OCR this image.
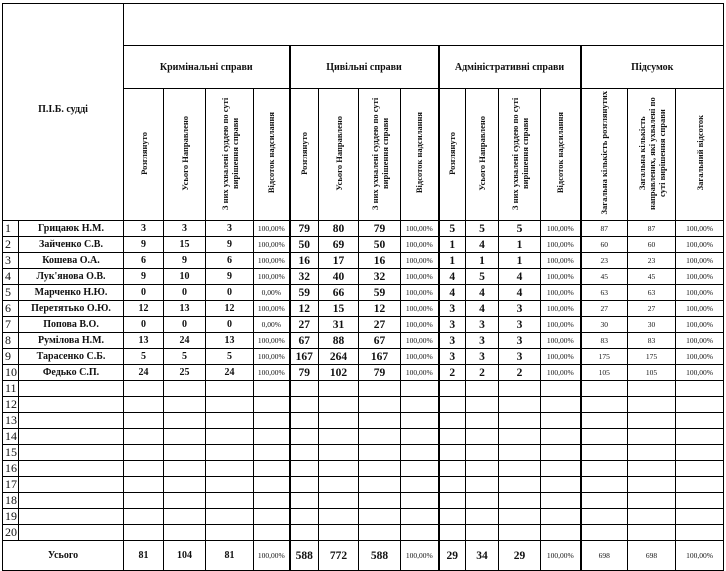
П.І.Б. судді																
		Кримінальні справи				Цивільні справи				Адміністративні справи				Підсумок		
		Розглянуто	Усього Направлено	З них ухвалені суддею по суті вирішення справи	Відсоток надсилання	Розглянуто	Усього Направлено	З них ухвалені суддею по суті вирішення справи	Відсоток надсилання	Розглянуто	Усього Направлено	З них ухвалені суддею по суті вирішення справи	Відсоток надсилання	Загальна кількість розглянутих	Загальна кількість направлених, які ухвалені по суті вирішення справи	Загальний відсоток
1	Грицаюк Н.М.	3	3	3	100,00%	79	80	79	100,00%	5	5	5	100,00%	87	87	100,00%
2	Зайченко С.В.	9	15	9	100,00%	50	69	50	100,00%	1	4	1	100,00%	60	60	100,00%
3	Кошева О.А.	6	9	6	100,00%	16	17	16	100,00%	1	1	1	100,00%	23	23	100,00%
4	Лук'янова О.В.	9	10	9	100,00%	32	40	32	100,00%	4	5	4	100,00%	45	45	100,00%
5	Марченко Н.Ю.	0	0	0	0,00%	59	66	59	100,00%	4	4	4	100,00%	63	63	100,00%
6	Перетятько О.Ю.	12	13	12	100,00%	12	15	12	100,00%	3	4	3	100,00%	27	27	100,00%
7	Попова В.О.	0	0	0	0,00%	27	31	27	100,00%	3	3	3	100,00%	30	30	100,00%
8	Румілова Н.М.	13	24	13	100,00%	67	88	67	100,00%	3	3	3	100,00%	83	83	100,00%
9	Тарасенко С.Б.	5	5	5	100,00%	167	264	167	100,00%	3	3	3	100,00%	175	175	100,00%
10	Федько С.П.	24	25	24	100,00%	79	102	79	100,00%	2	2	2	100,00%	105	105	100,00%
11																
12																
13																
14																
15																
16																
17																
18																
19																
20																
Усього		81	104	81	100,00%	588	772	588	100,00%	29	34	29	100,00%	698	698	100,00%
